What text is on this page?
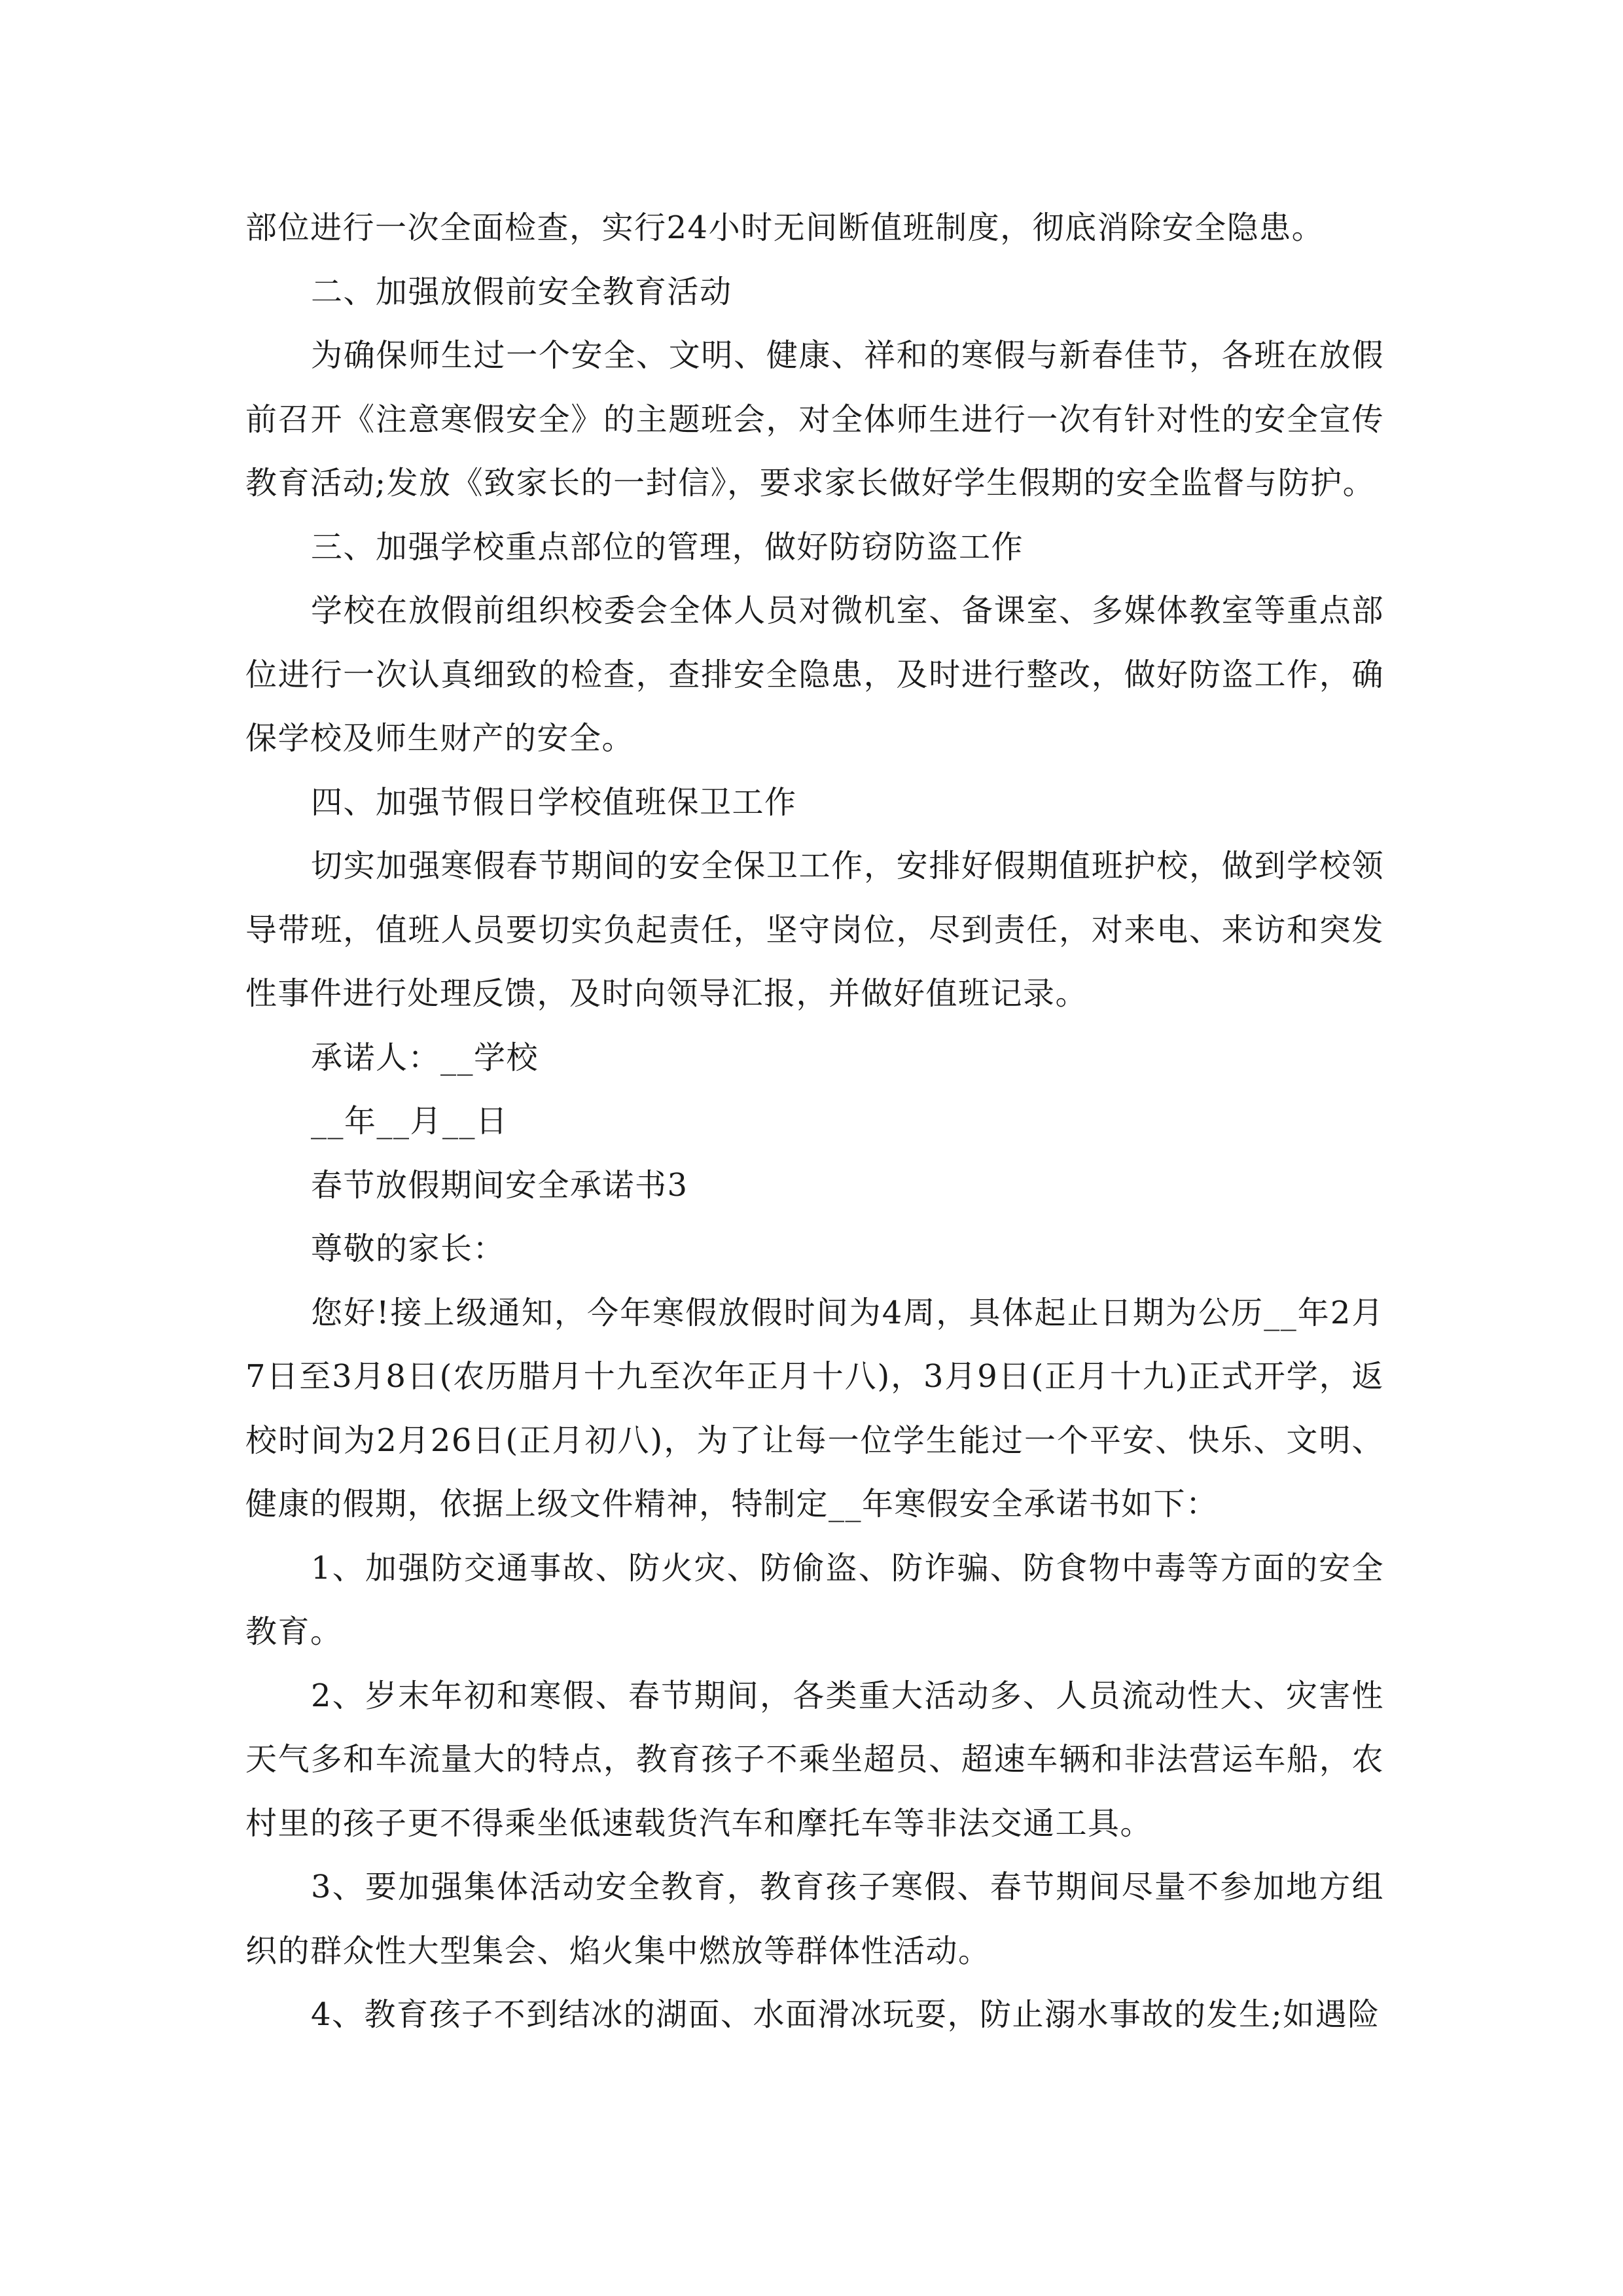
部位进行一次全面检查，实行24小时无间断值班制度，彻底消除安全隐患。

二、加强放假前安全教育活动

为确保师生过一个安全、文明、健康、祥和的寒假与新春佳节，各班在放假前召开《注意寒假安全》的主题班会，对全体师生进行一次有针对性的安全宣传教育活动;发放《致家长的一封信》，要求家长做好学生假期的安全监督与防护。

三、加强学校重点部位的管理，做好防窃防盗工作

学校在放假前组织校委会全体人员对微机室、备课室、多媒体教室等重点部位进行一次认真细致的检查，查排安全隐患，及时进行整改，做好防盗工作，确保学校及师生财产的安全。

四、加强节假日学校值班保卫工作

切实加强寒假春节期间的安全保卫工作，安排好假期值班护校，做到学校领导带班，值班人员要切实负起责任，坚守岗位，尽到责任，对来电、来访和突发性事件进行处理反馈，及时向领导汇报，并做好值班记录。

承诺人：__学校

__年__月__日

春节放假期间安全承诺书3

尊敬的家长：

您好!接上级通知，今年寒假放假时间为4周，具体起止日期为公历__年2月7日至3月8日(农历腊月十九至次年正月十八)，3月9日(正月十九)正式开学，返校时间为2月26日(正月初八)，为了让每一位学生能过一个平安、快乐、文明、健康的假期，依据上级文件精神，特制定__年寒假安全承诺书如下：

1、加强防交通事故、防火灾、防偷盗、防诈骗、防食物中毒等方面的安全教育。

2、岁末年初和寒假、春节期间，各类重大活动多、人员流动性大、灾害性天气多和车流量大的特点，教育孩子不乘坐超员、超速车辆和非法营运车船，农村里的孩子更不得乘坐低速载货汽车和摩托车等非法交通工具。

3、要加强集体活动安全教育，教育孩子寒假、春节期间尽量不参加地方组织的群众性大型集会、焰火集中燃放等群体性活动。

4、教育孩子不到结冰的湖面、水面滑冰玩耍，防止溺水事故的发生;如遇险
